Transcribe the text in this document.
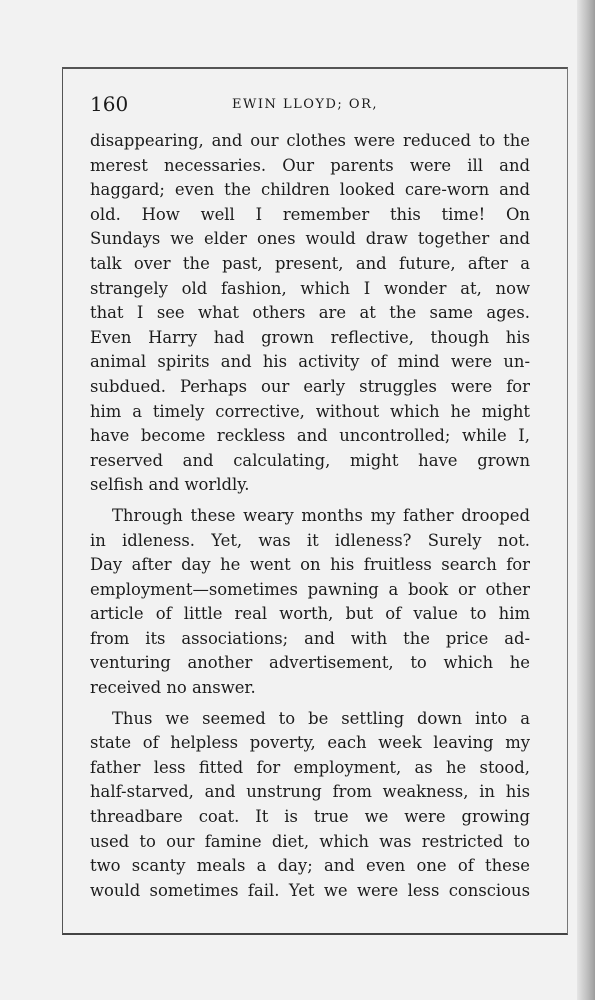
160	EWIN LLOYD; OR,
disappearing, and our clothes were reduced to the
merest necessaries. Our parents were ill and
haggard; even the children looked care-worn and
old. How well I remember this time! On
Sundays we elder ones would draw together and
talk over the past, present, and future, after a
strangely old fashion, which I wonder at, now
that I see what others are at the same ages.
Even Harry had grown reflective, though his
animal spirits and his activity of mind were un-
subdued. Perhaps our early struggles were for
him a timely corrective, without which he might
have become reckless and uncontrolled; while I,
reserved and calculating, might have grown
selfish and worldly.
Through these weary months my father drooped
in idleness. Yet, was it idleness? Surely not.
Day after day he went on his fruitless search for
employment—sometimes pawning a book or other
article of little real worth, but of value to him
from its associations; and with the price ad-
venturing another advertisement, to which he
received no answer.
Thus we seemed to be settling down into a
state of helpless poverty, each week leaving my
father less fitted for employment, as he stood,
half-starved, and unstrung from weakness, in his
threadbare coat. It is true we were growing
used to our famine diet, which was restricted to
two scanty meals a day; and even one of these
would sometimes fail. Yet we were less conscious
